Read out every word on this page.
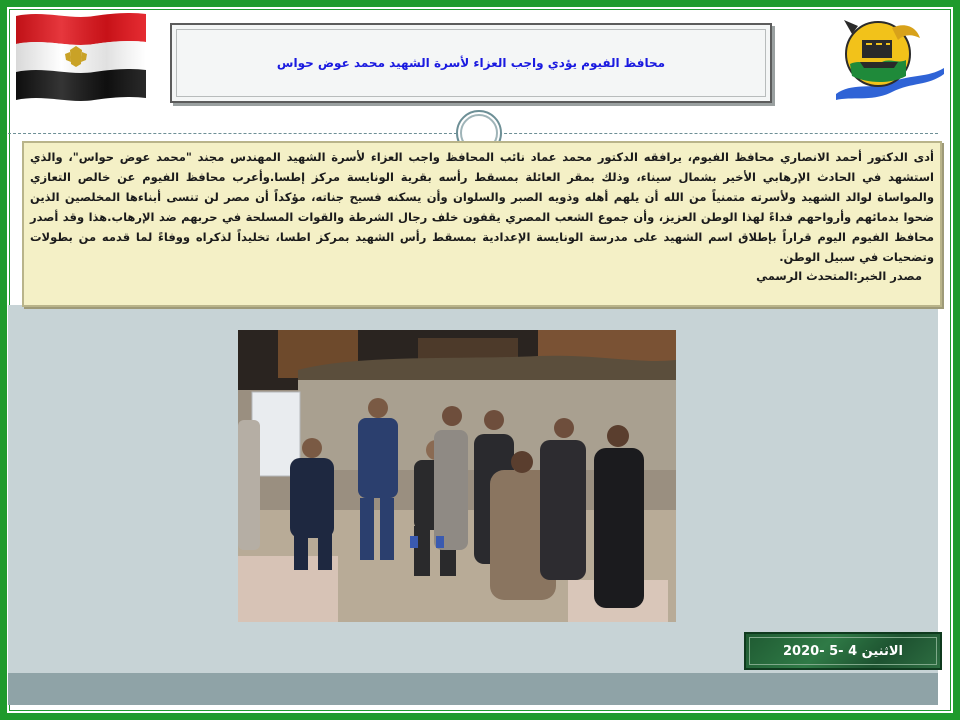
محافظ الفيوم يؤدي واجب العزاء لأسرة الشهيد محمد عوض حواس

أدى الدكتور أحمد الانصاري محافظ الفيوم، يرافقه الدكتور محمد عماد نائب المحافظ واجب العزاء لأسرة الشهيد المهندس مجند "محمد عوض حواس"، والذي استشهد في الحادث الإرهابي الأخير بشمال سيناء، وذلك بمقر العائلة بمسقط رأسه بقرية الونايسة مركز إطسا.وأعرب محافظ الفيوم عن خالص التعازي والمواساة لوالد الشهيد ولأسرته متمنياً من الله أن يلهم أهله وذويه الصبر والسلوان وأن يسكنه فسيح جناته، مؤكداً أن مصر لن تنسى أبناءها المخلصين الذين ضحوا بدمائهم وأرواحهم فداءً لهذا الوطن العزيز، وأن جموع الشعب المصري يقفون خلف رجال الشرطة والقوات المسلحة في حربهم ضد الإرهاب.هذا وقد أصدر محافظ الفيوم اليوم قراراً بإطلاق اسم الشهيد على مدرسة الونايسة الإعدادية بمسقط رأس الشهيد بمركز اطسا، تخليداً لذكراه ووفاءً لما قدمه من بطولات وتضحيات في سبيل الوطن.

مصدر الخبر:المتحدث الرسمي

الاثنين 4 -5 -2020
